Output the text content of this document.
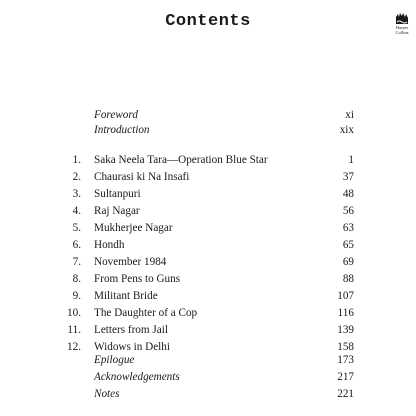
Contents	Harper
Collins
Foreword	xi
Introduction	xix
1. Saka Neela Tara—Operation Blue Star	1
2. Chaurasi ki Na Insafi	37
3. Sultanpuri	48
4. Raj Nagar	56
5. Mukherjee Nagar	63
6. Hondh	65
7. November 1984	69
8. From Pens to Guns	88
9. Militant Bride	107
10. The Daughter of a Cop	116
11. Letters from Jail	139
12. Widows in Delhi	158
Epilogue	173
Acknowledgements	217
Notes	221
